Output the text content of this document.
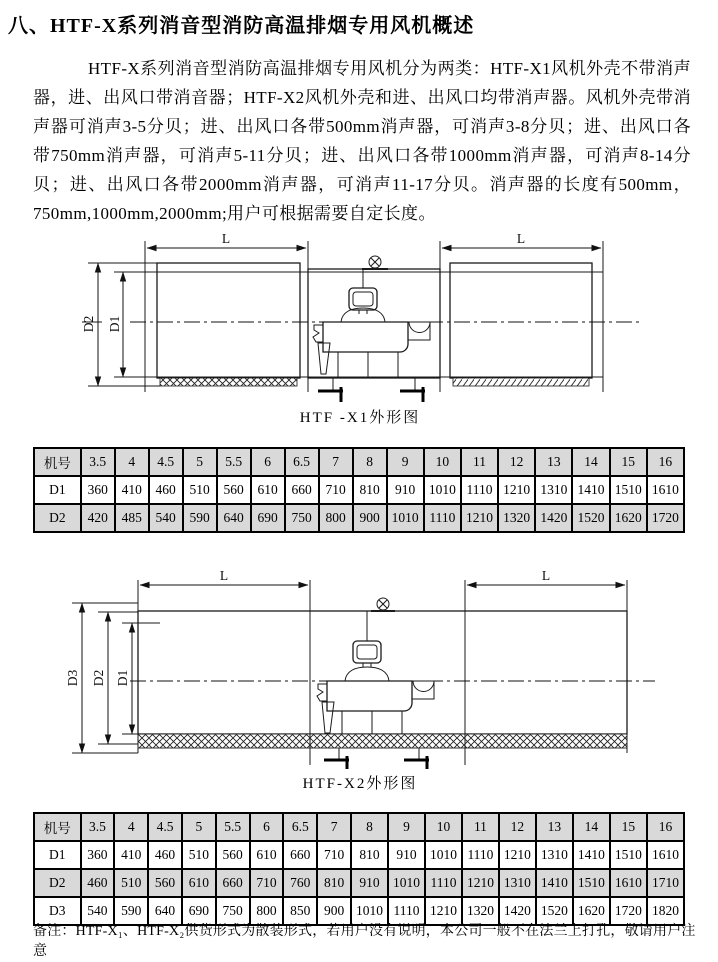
八、HTF-X系列消音型消防高温排烟专用风机概述

HTF-X系列消音型消防高温排烟专用风机分为两类：HTF-X1风机外壳不带消声器，进、出风口带消音器；HTF-X2风机外壳和进、出风口均带消声器。风机外壳带消声器可消声3-5分贝；进、出风口各带500mm消声器，可消声3-8分贝；进、出风口各带750mm消声器，可消声5-11分贝；进、出风口各带1000mm消声器，可消声8-14分贝；进、出风口各带2000mm消声器，可消声11-17分贝。消声器的长度有500mm，750mm,1000mm,2000mm;用户可根据需要自定长度。

L	L
D2 D1
HTF -X1外形图
机号	3.5	4	4.5	5	5.5	6	6.5	7	8	9	10	11	12	13	14	15	16
D1	360	410	460	510	560	610	660	710	810	910	1010	1110	1210	1310	1410	1510	1610
D2	420	485	540	590	640	690	750	800	900	1010	1110	1210	1320	1420	1520	1620	1720
L	L
D3 D2 D1
HTF-X2外形图
机号	3.5	4	4.5	5	5.5	6	6.5	7	8	9	10	11	12	13	14	15	16
D1	360	410	460	510	560	610	660	710	810	910	1010	1110	1210	1310	1410	1510	1610
D2	460	510	560	610	660	710	760	810	910	1010	1110	1210	1310	1410	1510	1610	1710
D3	540	590	640	690	750	800	850	900	1010	1110	1210	1320	1420	1520	1620	1720	1820
备注：HTF-X₁、HTF-X₂供货形式为散装形式，若用户没有说明，本公司一般不在法兰上打孔，敬请用户注意
